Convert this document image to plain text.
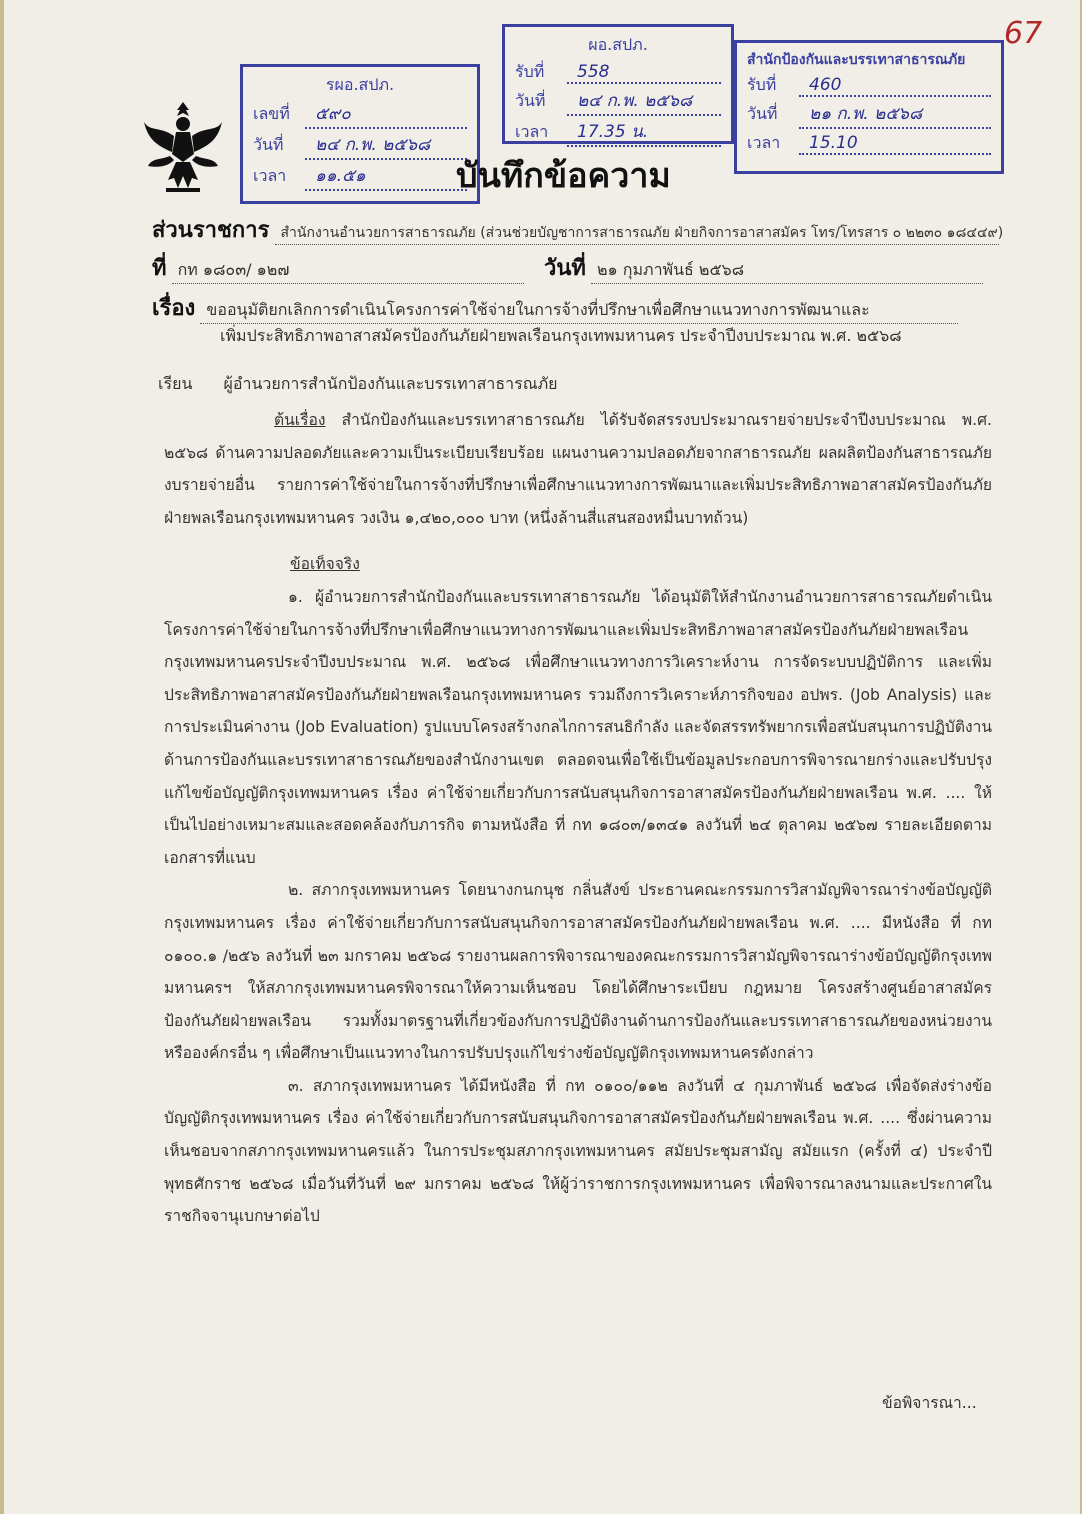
67
รผอ.สปภ.
เลขที่	๕๙๐
วันที่	๒๔ ก.พ. ๒๕๖๘
เวลา	๑๑.๕๑
ผอ.สปภ.
รับที่	558
วันที่	๒๔ ก.พ. ๒๕๖๘
เวลา	17.35 น.
สำนักป้องกันและบรรเทาสาธารณภัย
รับที่	460
วันที่	๒๑ ก.พ. ๒๕๖๘
เวลา	15.10
บันทึกข้อความ
ส่วนราชการ สำนักงานอำนวยการสาธารณภัย (ส่วนช่วยบัญชาการสาธารณภัย ฝ่ายกิจการอาสาสมัคร โทร/โทรสาร ๐ ๒๒๓๐ ๑๘๔๔๙)
ที่ กท ๑๘๐๓/ ๑๒๗	วันที่ ๒๑ กุมภาพันธ์ ๒๕๖๘
เรื่อง ขออนุมัติยกเลิกการดำเนินโครงการค่าใช้จ่ายในการจ้างที่ปรึกษาเพื่อศึกษาแนวทางการพัฒนาและ
เพิ่มประสิทธิภาพอาสาสมัครป้องกันภัยฝ่ายพลเรือนกรุงเทพมหานคร ประจำปีงบประมาณ พ.ศ. ๒๕๖๘
เรียน ผู้อำนวยการสำนักป้องกันและบรรเทาสาธารณภัย

ต้นเรื่อง สำนักป้องกันและบรรเทาสาธารณภัย ได้รับจัดสรรงบประมาณรายจ่ายประจำปีงบประมาณ พ.ศ. ๒๕๖๘ ด้านความปลอดภัยและความเป็นระเบียบเรียบร้อย แผนงานความปลอดภัยจากสาธารณภัย ผลผลิตป้องกันสาธารณภัย งบรายจ่ายอื่น รายการค่าใช้จ่ายในการจ้างที่ปรึกษาเพื่อศึกษาแนวทางการพัฒนาและเพิ่มประสิทธิภาพอาสาสมัครป้องกันภัยฝ่ายพลเรือนกรุงเทพมหานคร วงเงิน ๑,๔๒๐,๐๐๐ บาท (หนึ่งล้านสี่แสนสองหมื่นบาทถ้วน)

ข้อเท็จจริง

๑. ผู้อำนวยการสำนักป้องกันและบรรเทาสาธารณภัย ได้อนุมัติให้สำนักงานอำนวยการสาธารณภัยดำเนินโครงการค่าใช้จ่ายในการจ้างที่ปรึกษาเพื่อศึกษาแนวทางการพัฒนาและเพิ่มประสิทธิภาพอาสาสมัครป้องกันภัยฝ่ายพลเรือนกรุงเทพมหานครประจำปีงบประมาณ พ.ศ. ๒๕๖๘ เพื่อศึกษาแนวทางการวิเคราะห์งาน การจัดระบบปฏิบัติการ และเพิ่มประสิทธิภาพอาสาสมัครป้องกันภัยฝ่ายพลเรือนกรุงเทพมหานคร รวมถึงการวิเคราะห์ภารกิจของ อปพร. (Job Analysis) และการประเมินค่างาน (Job Evaluation) รูปแบบโครงสร้างกลไกการสนธิกำลัง และจัดสรรทรัพยากรเพื่อสนับสนุนการปฏิบัติงานด้านการป้องกันและบรรเทาสาธารณภัยของสำนักงานเขต ตลอดจนเพื่อใช้เป็นข้อมูลประกอบการพิจารณายกร่างและปรับปรุงแก้ไขข้อบัญญัติกรุงเทพมหานคร เรื่อง ค่าใช้จ่ายเกี่ยวกับการสนับสนุนกิจการอาสาสมัครป้องกันภัยฝ่ายพลเรือน พ.ศ. .... ให้เป็นไปอย่างเหมาะสมและสอดคล้องกับภารกิจ ตามหนังสือ ที่ กท ๑๘๐๓/๑๓๔๑ ลงวันที่ ๒๔ ตุลาคม ๒๕๖๗ รายละเอียดตามเอกสารที่แนบ

๒. สภากรุงเทพมหานคร โดยนางกนกนุช กลิ่นสังข์ ประธานคณะกรรมการวิสามัญพิจารณาร่างข้อบัญญัติกรุงเทพมหานคร เรื่อง ค่าใช้จ่ายเกี่ยวกับการสนับสนุนกิจการอาสาสมัครป้องกันภัยฝ่ายพลเรือน พ.ศ. .... มีหนังสือ ที่ กท ๐๑๐๐.๑ /๒๕๖ ลงวันที่ ๒๓ มกราคม ๒๕๖๘ รายงานผลการพิจารณาของคณะกรรมการวิสามัญพิจารณาร่างข้อบัญญัติกรุงเทพมหานครฯ ให้สภากรุงเทพมหานครพิจารณาให้ความเห็นชอบ โดยได้ศึกษาระเบียบ กฎหมาย โครงสร้างศูนย์อาสาสมัครป้องกันภัยฝ่ายพลเรือน รวมทั้งมาตรฐานที่เกี่ยวข้องกับการปฏิบัติงานด้านการป้องกันและบรรเทาสาธารณภัยของหน่วยงาน หรือองค์กรอื่น ๆ เพื่อศึกษาเป็นแนวทางในการปรับปรุงแก้ไขร่างข้อบัญญัติกรุงเทพมหานครดังกล่าว

๓. สภากรุงเทพมหานคร ได้มีหนังสือ ที่ กท ๐๑๐๐/๑๑๒ ลงวันที่ ๔ กุมภาพันธ์ ๒๕๖๘ เพื่อจัดส่งร่างข้อบัญญัติกรุงเทพมหานคร เรื่อง ค่าใช้จ่ายเกี่ยวกับการสนับสนุนกิจการอาสาสมัครป้องกันภัยฝ่ายพลเรือน พ.ศ. .... ซึ่งผ่านความเห็นชอบจากสภากรุงเทพมหานครแล้ว ในการประชุมสภากรุงเทพมหานคร สมัยประชุมสามัญ สมัยแรก (ครั้งที่ ๔) ประจำปีพุทธศักราช ๒๕๖๘ เมื่อวันที่วันที่ ๒๙ มกราคม ๒๕๖๘ ให้ผู้ว่าราชการกรุงเทพมหานคร เพื่อพิจารณาลงนามและประกาศในราชกิจจานุเบกษาต่อไป

ข้อพิจารณา...
